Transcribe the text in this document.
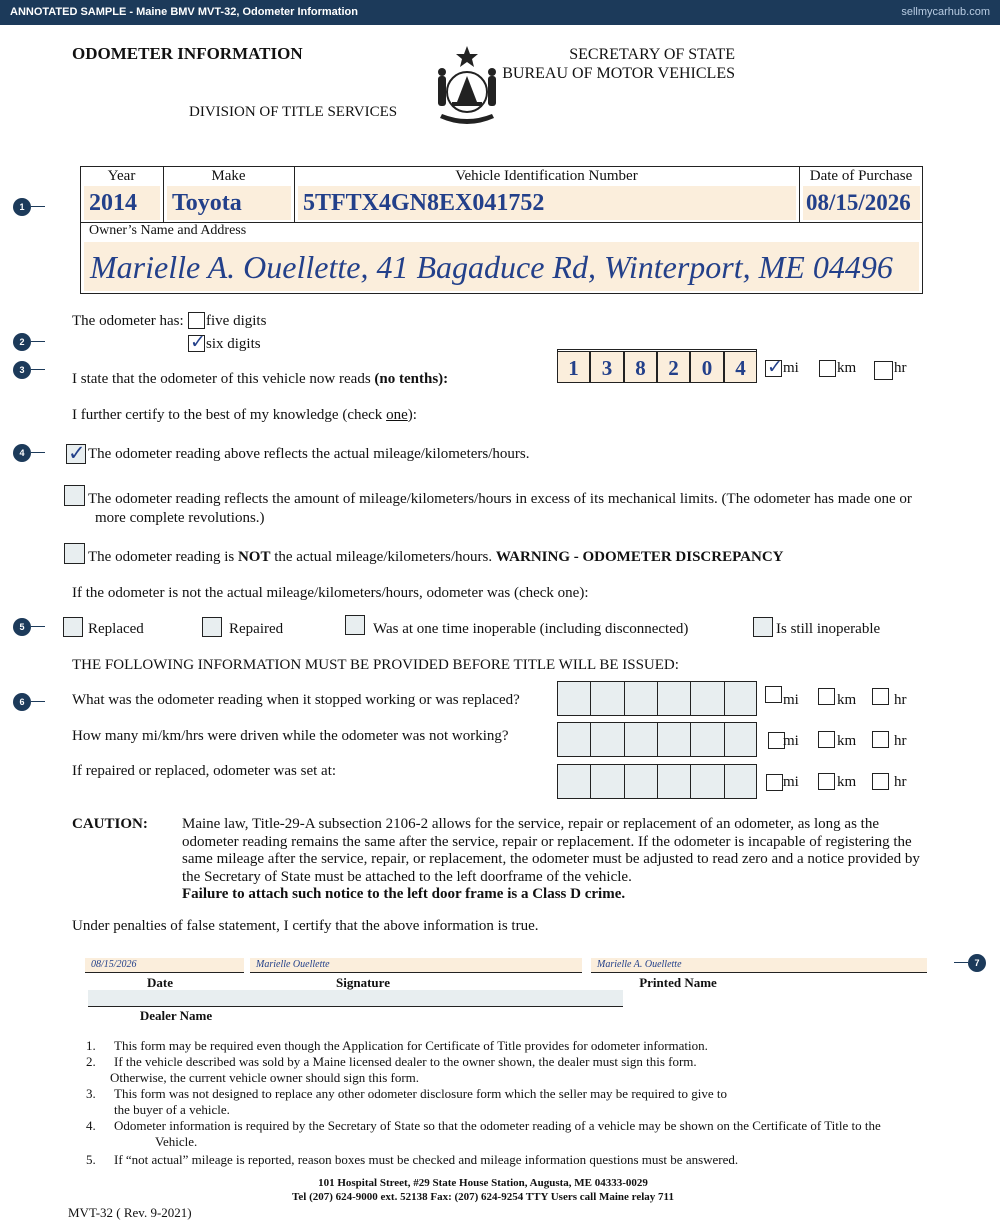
ANNOTATED SAMPLE - Maine BMV MVT-32, Odometer Information	sellmycarhub.com
ODOMETER INFORMATION
DIVISION OF TITLE SERVICES
SECRETARY OF STATE
BUREAU OF MOTOR VEHICLES
Year	Make	Vehicle Identification Number	Date of Purchase
2014	Toyota	5TFTX4GN8EX041752	08/15/2026
Owner’s Name and Address
Marielle A. Ouellette, 41 Bagaduce Rd, Winterport, ME 04496
The odometer has: five digits
✓ six digits
I state that the odometer of this vehicle now reads (no tenths):	1	3	8	2	0	4	✓ mi	km	hr
I further certify to the best of my knowledge (check one):
✓ The odometer reading above reflects the actual mileage/kilometers/hours.
The odometer reading reflects the amount of mileage/kilometers/hours in excess of its mechanical limits. (The odometer has made one or
more complete revolutions.)
The odometer reading is NOT the actual mileage/kilometers/hours. WARNING - ODOMETER DISCREPANCY
If the odometer is not the actual mileage/kilometers/hours, odometer was (check one):
Replaced	Repaired	Was at one time inoperable (including disconnected)	Is still inoperable
THE FOLLOWING INFORMATION MUST BE PROVIDED BEFORE TITLE WILL BE ISSUED:
What was the odometer reading when it stopped working or was replaced?
How many mi/km/hrs were driven while the odometer was not working?
If repaired or replaced, odometer was set at:
mi	km	hr
mi	km	hr
mi	km	hr
CAUTION: Maine law, Title-29-A subsection 2106-2 allows for the service, repair or replacement of an odometer, as long as the
odometer reading remains the same after the service, repair or replacement. If the odometer is incapable of registering the
same mileage after the service, repair, or replacement, the odometer must be adjusted to read zero and a notice provided by
the Secretary of State must be attached to the left doorframe of the vehicle.
Failure to attach such notice to the left door frame is a Class D crime.
Under penalties of false statement, I certify that the above information is true.
08/15/2026	Marielle Ouellette	Marielle A. Ouellette
Date	Signature	Printed Name
Dealer Name
1. This form may be required even though the Application for Certificate of Title provides for odometer information.
2. If the vehicle described was sold by a Maine licensed dealer to the owner shown, the dealer must sign this form.
Otherwise, the current vehicle owner should sign this form.
3. This form was not designed to replace any other odometer disclosure form which the seller may be required to give to
the buyer of a vehicle.
4. Odometer information is required by the Secretary of State so that the odometer reading of a vehicle may be shown on the Certificate of Title to the
Vehicle.
5. If “not actual” mileage is reported, reason boxes must be checked and mileage information questions must be answered.
101 Hospital Street, #29 State House Station, Augusta, ME 04333-0029
Tel (207) 624-9000 ext. 52138 Fax: (207) 624-9254 TTY Users call Maine relay 711
MVT-32 ( Rev. 9-2021)
1
2
3
4
5
6
7
